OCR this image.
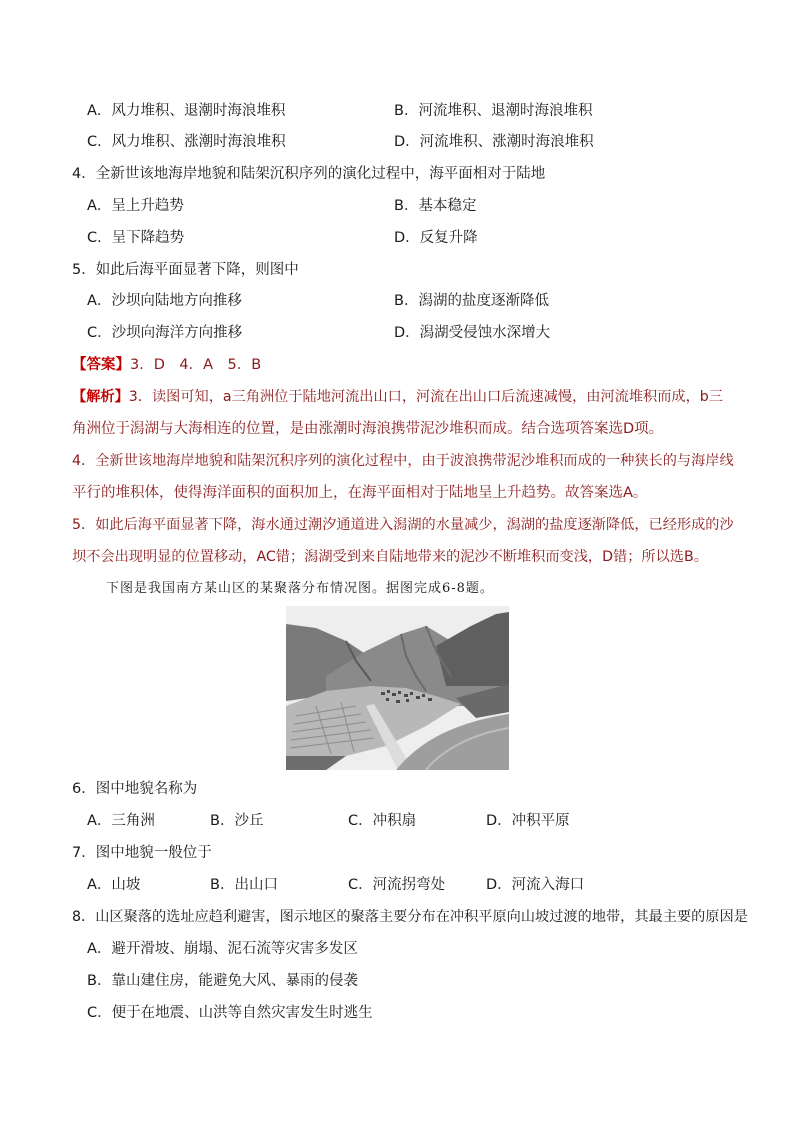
A．风力堆积、退潮时海浪堆积	B．河流堆积、退潮时海浪堆积
C．风力堆积、涨潮时海浪堆积	D．河流堆积、涨潮时海浪堆积
4．全新世该地海岸地貌和陆架沉积序列的演化过程中，海平面相对于陆地
A．呈上升趋势	B．基本稳定
C．呈下降趋势	D．反复升降
5．如此后海平面显著下降，则图中
A．沙坝向陆地方向推移	B．潟湖的盐度逐渐降低
C．沙坝向海洋方向推移	D．潟湖受侵蚀水深增大
【答案】3．D　4．A　5．B
【解析】3．读图可知，a三角洲位于陆地河流出山口，河流在出山口后流速减慢，由河流堆积而成，b三
角洲位于潟湖与大海相连的位置，是由涨潮时海浪携带泥沙堆积而成。结合选项答案选D项。
4．全新世该地海岸地貌和陆架沉积序列的演化过程中，由于波浪携带泥沙堆积而成的一种狭长的与海岸线
平行的堆积体，使得海洋面积的面积加上，在海平面相对于陆地呈上升趋势。故答案选A。
5．如此后海平面显著下降，海水通过潮汐通道进入潟湖的水量减少，潟湖的盐度逐渐降低，已经形成的沙
坝不会出现明显的位置移动，AC错；潟湖受到来自陆地带来的泥沙不断堆积而变浅，D错；所以选B。
下图是我国南方某山区的某聚落分布情况图。据图完成6-8题。
6．图中地貌名称为
A．三角洲	B．沙丘	C．冲积扇	D．冲积平原
7．图中地貌一般位于
A．山坡	B．出山口	C．河流拐弯处	D．河流入海口
8．山区聚落的选址应趋利避害，图示地区的聚落主要分布在冲积平原向山坡过渡的地带，其最主要的原因是
A．避开滑坡、崩塌、泥石流等灾害多发区
B．靠山建住房，能避免大风、暴雨的侵袭
C．便于在地震、山洪等自然灾害发生时逃生
